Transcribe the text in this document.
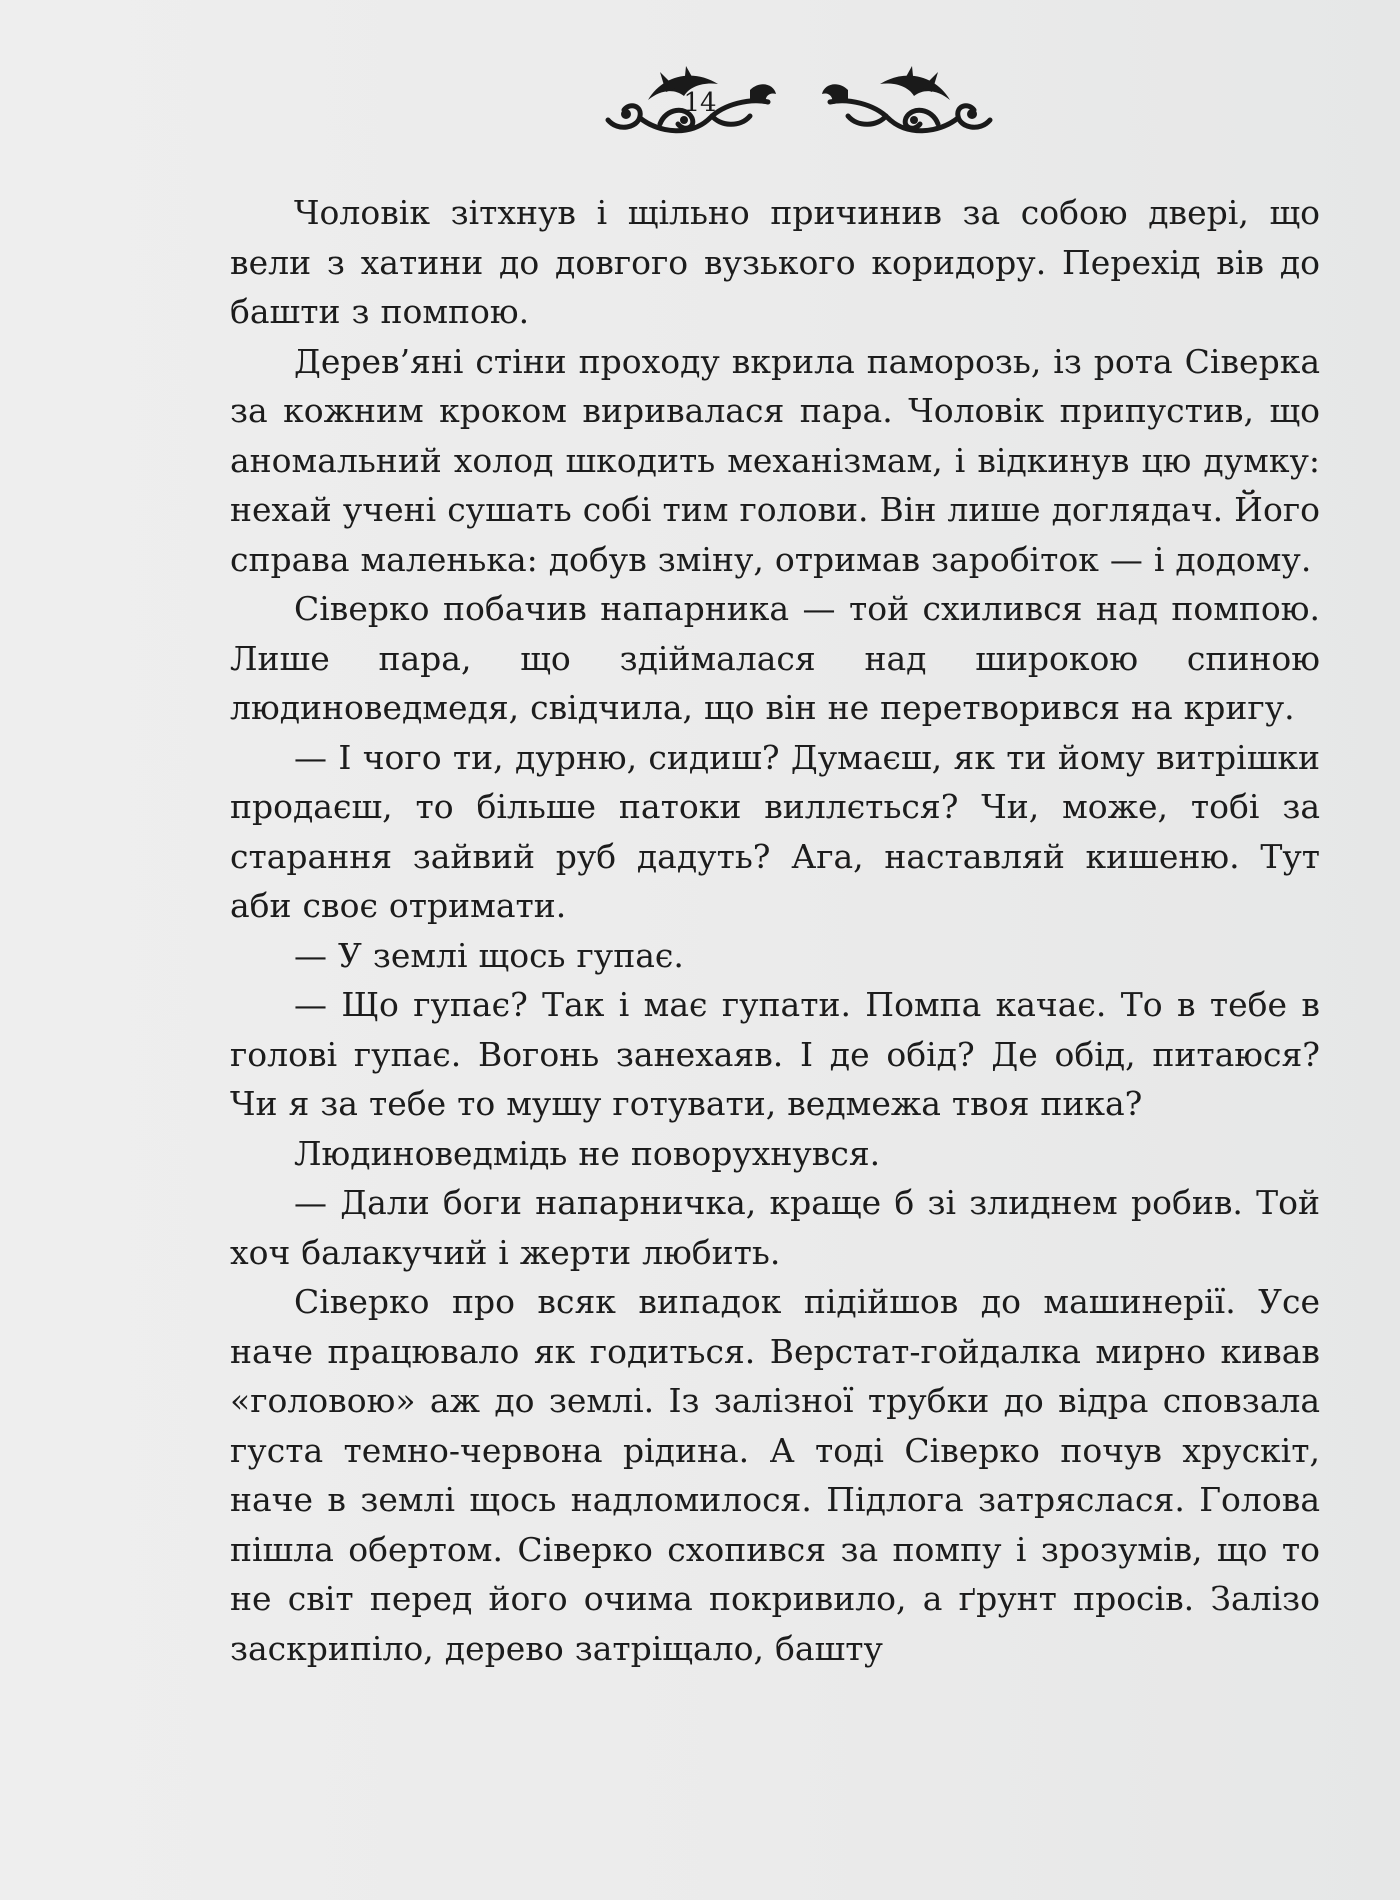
14

Чоловік зітхнув і щільно причинив за собою двері, що вели з хатини до довгого вузького коридору. Перехід вів до башти з помпою.

Дерев’яні стіни проходу вкрила паморозь, із рота Сіверка за кожним кроком виривалася пара. Чоловік припустив, що аномальний холод шкодить механізмам, і відкинув цю думку: нехай учені сушать собі тим голови. Він лише доглядач. Його справа маленька: добув зміну, отримав заробіток — і додому.

Сіверко побачив напарника — той схилився над помпою. Лише пара, що здіймалася над широкою спиною людиноведмедя, свідчила, що він не перетворився на кригу.

— І чого ти, дурню, сидиш? Думаєш, як ти йому витрішки продаєш, то більше патоки виллється? Чи, може, тобі за старання зайвий руб дадуть? Ага, наставляй кишеню. Тут аби своє отримати.

— У землі щось гупає.

— Що гупає? Так і має гупати. Помпа качає. То в тебе в голові гупає. Вогонь занехаяв. І де обід? Де обід, питаюся? Чи я за тебе то мушу готувати, ведмежа твоя пика?

Людиноведмідь не поворухнувся.

— Дали боги напарничка, краще б зі злиднем робив. Той хоч балакучий і жерти любить.

Сіверко про всяк випадок підійшов до машинерії. Усе наче працювало як годиться. Верстат-гойдалка мирно кивав «головою» аж до землі. Із залізної трубки до відра сповзала густа темно-червона рідина. А тоді Сіверко почув хрускіт, наче в землі щось надломилося. Підлога затряслася. Голова пішла обертом. Сіверко схопився за помпу і зрозумів, що то не світ перед його очима покривило, а ґрунт просів. Залізо заскрипіло, дерево затріщало, башту
